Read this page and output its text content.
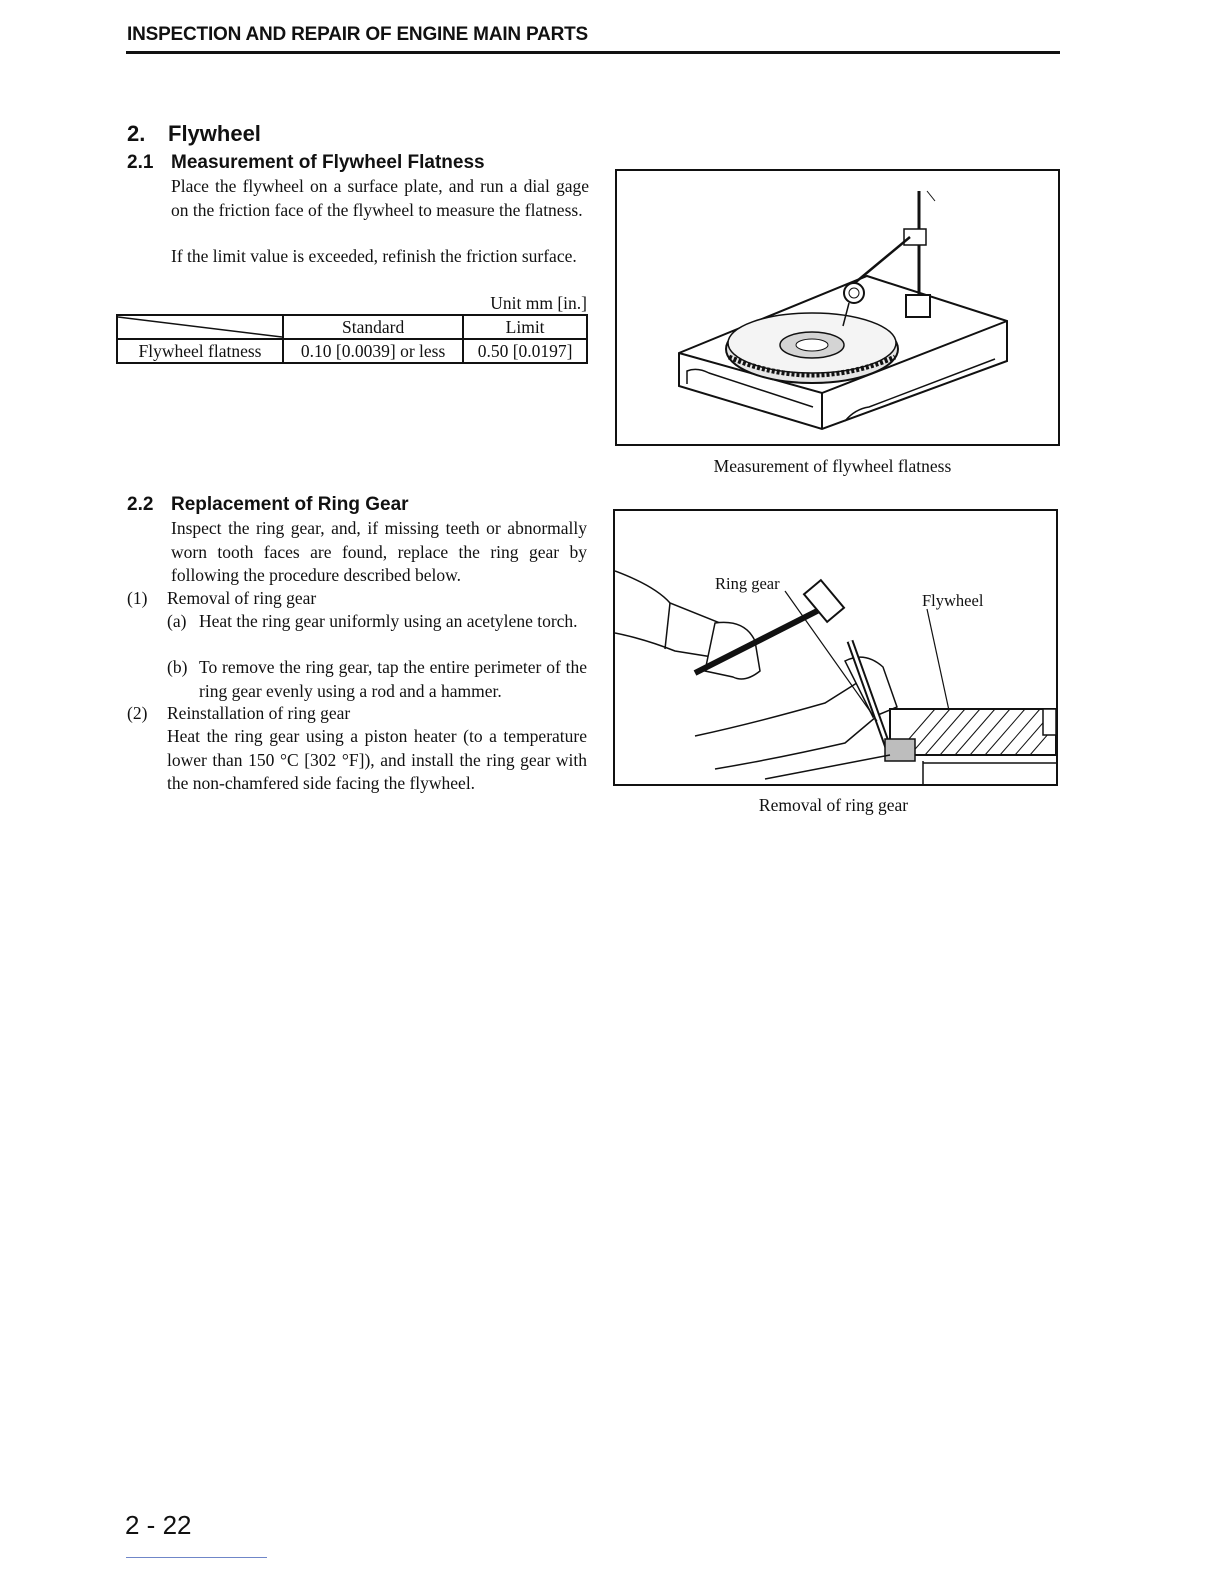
INSPECTION AND REPAIR OF ENGINE MAIN PARTS
2. Flywheel
2.1 Measurement of Flywheel Flatness
Place the flywheel on a surface plate, and run a dial gage on the friction face of the flywheel to measure the flatness.
If the limit value is exceeded, refinish the friction surface.
Unit mm [in.]
	Standard	Limit
Flywheel flatness	0.10 [0.0039] or less	0.50 [0.0197]
Measurement of flywheel flatness
2.2 Replacement of Ring Gear
Inspect the ring gear, and, if missing teeth or abnormally worn tooth faces are found, replace the ring gear by following the procedure described below.
(1) Removal of ring gear
(a) Heat the ring gear uniformly using an acetylene torch.
(b) To remove the ring gear, tap the entire perimeter of the ring gear evenly using a rod and a hammer.
(2) Reinstallation of ring gear
Heat the ring gear using a piston heater (to a temperature lower than 150 °C [302 °F]), and install the ring gear with the non-chamfered side facing the flywheel.
Ring gear
Flywheel
Removal of ring gear
2 - 22
